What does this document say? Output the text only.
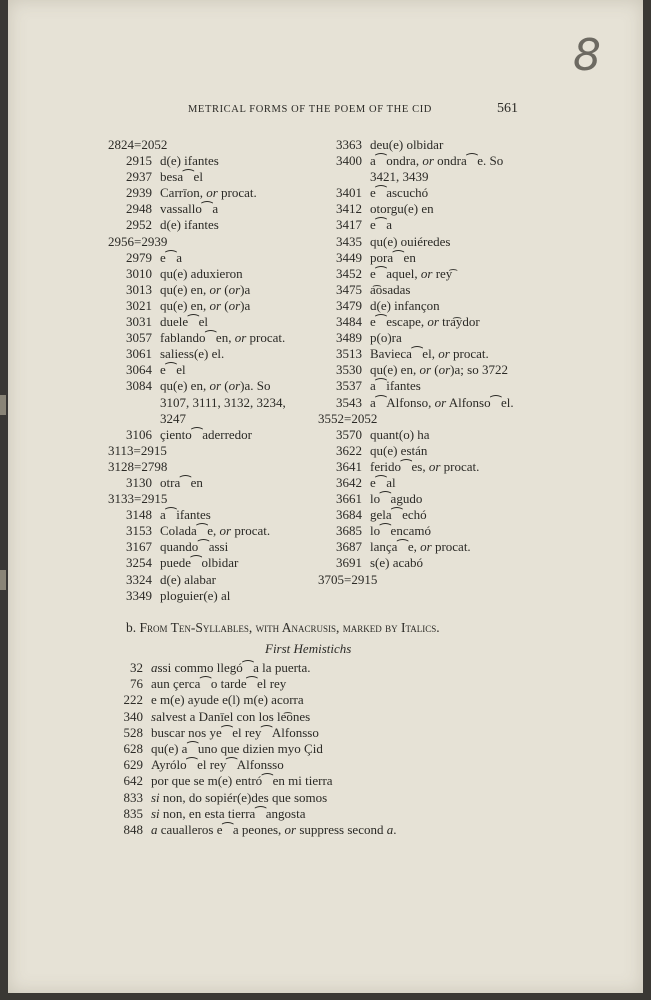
8
METRICAL FORMS OF THE POEM OF THE CID	561
2824=2052
2915 d(e) ifantes
2937 besa⁀el
2939 Carrīon, or procat.
2948 vassallo⁀a
2952 d(e) ifantes
2956=2939
2979 e⁀a
3010 qu(e) aduxieron
3013 qu(e) en, or (or)a
3021 qu(e) en, or (or)a
3031 duele⁀el
3057 fablando⁀en, or procat.
3061 saliess(e) el.
3064 e⁀el
3084 qu(e) en, or (or)a. So
3107, 3111, 3132, 3234,
3247
3106 çiento⁀aderredor
3113=2915
3128=2798
3130 otra⁀en
3133=2915
3148 a⁀ifantes
3153 Colada⁀e, or procat.
3167 quando⁀assi
3254 puede⁀olbidar
3324 d(e) alabar
3349 ploguier(e) al
3363 deu(e) olbidar
3400 a⁀ondra, or ondra⁀e. So
3421, 3439
3401 e⁀ascuchó
3412 otorgu(e) en
3417 e⁀a
3435 qu(e) ouiéredes
3449 pora⁀en
3452 e⁀aquel, or rey͡
3475 a͡osadas
3479 d(e) infançon
3484 e⁀escape, or tra͡ydor
3489 p(o)ra
3513 Bavieca⁀el, or procat.
3530 qu(e) en, or (or)a; so 3722
3537 a⁀ifantes
3543 a⁀Alfonso, or Alfonso⁀el.
3552=2052
3570 quant(o) ha
3622 qu(e) están
3641 ferido⁀es, or procat.
3642 e⁀al
3661 lo⁀agudo
3684 gela⁀echó
3685 lo⁀encamó
3687 lança⁀e, or procat.
3691 s(e) acabó
3705=2915
b. From Ten-Syllables, with Anacrusis, marked by Italics.
First Hemistichs
32 assi commo llegó⁀a la puerta.
76 aun çerca⁀o tarde⁀el rey
222 e m(e) ayude e(l) m(e) acorra
340 salvest a Danīel con los le͡ones
528 buscar nos ye⁀el rey⁀Alfonsso
628 qu(e) a⁀uno que dizien myo Çid
629 Ayrólo⁀el rey⁀Alfonsso
642 por que se m(e) entró⁀en mi tierra
833 si non, do sopiér(e)des que somos
835 si non, en esta tierra⁀angosta
848 a caualleros e⁀a peones, or suppress second a.
